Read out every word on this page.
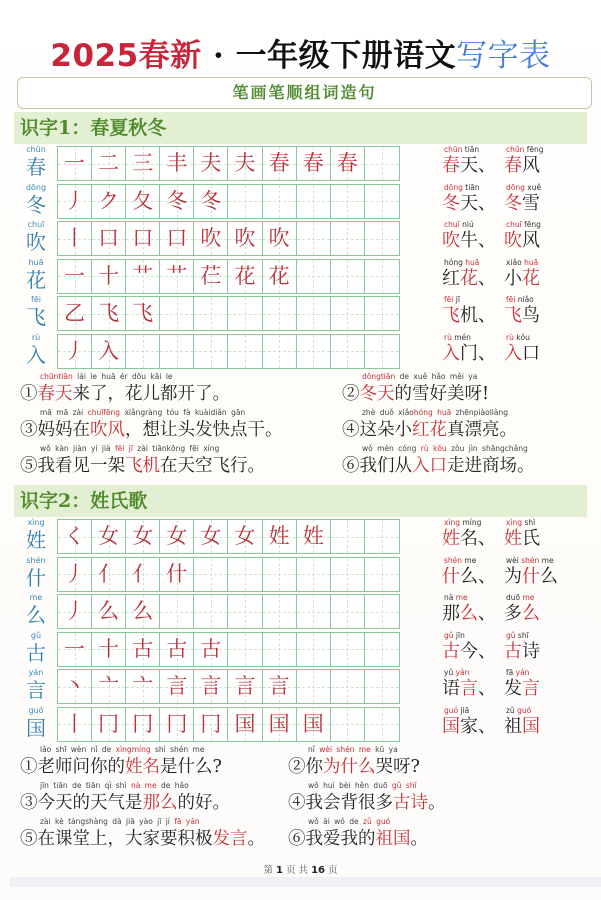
2025春新 · 一年级下册语文写字表
笔画笔顺组词造句
识字1：春夏秋冬
chūn
春 一 二 三 丰 夫 夫 春 春 春
dōng
冬 丿 ク 夂 冬 冬
chuī
吹 丨 口 口 口 吹 吹 吹
huā
花 一 十 艹 艹 芢 花 花
fēi
飞 乙 飞 飞
rù
入 丿 入
chūn tiān
春天、
chūn fēng
春风
dōng tiān
冬天、
dōng xuě
冬雪
chuī niú
吹牛、
chuī fēng
吹风
hóng huā
红花、
xiǎo huā
小花
fēi jī
飞机、
fēi niǎo
飞鸟
rù mén
入门、
rù kǒu
入口
chūntiān lái le huā ér dōu kāi le
①春天来了，花儿都开了。
dōngtiān de xuě hǎo měi ya
②冬天的雪好美呀!
mā mā zài chuīfēng xiǎngràng tóu fà kuàidiǎn gān
③妈妈在吹风，想让头发快点干。
zhè duǒ xiǎohóng huā zhēnpiàoliàng
④这朵小红花真漂亮。
wǒ kàn jiàn yí jià fēi jī zài tiānkōng fēi xíng
⑤我看见一架飞机在天空飞行。
wǒ mén cóng rù kǒu zǒu jìn shāngchǎng
⑥我们从入口走进商场。
识字2：姓氏歌
xìng
姓 く 女 女 女 女 女 姓 姓
shén
什 丿 亻 亻 什
me
么 丿 么 么
gǔ
古 一 十 古 古 古
yán
言 丶 亠 亠 言 言 言 言
guó
国 丨 冂 冂 冂 冂 国 国 国
xìng míng
姓名、
xìng shì
姓氏
shén me
什么、
wèi shén me
为什么
nà me
那么、
duō me
多么
gǔ jīn
古今、
gǔ shī
古诗
yǔ yán
语言、
fā yán
发言
guó jiā
国家、
zǔ guó
祖国
lǎo shī wèn nǐ de xìngmíng shì shén me
①老师问你的姓名是什么?
nǐ wèi shén me kū ya
②你为什么哭呀?
jīn tiān de tiān qì shì nà me de hǎo
③今天的天气是那么的好。
wǒ huì bèi hěn duō gǔ shī
④我会背很多古诗。
zài kè tángshàng dà jiā yào jī jí fā yán
⑤在课堂上，大家要积极发言。
wǒ ài wǒ de zǔ guó
⑥我爱我的祖国。
第 1 页 共 16 页
